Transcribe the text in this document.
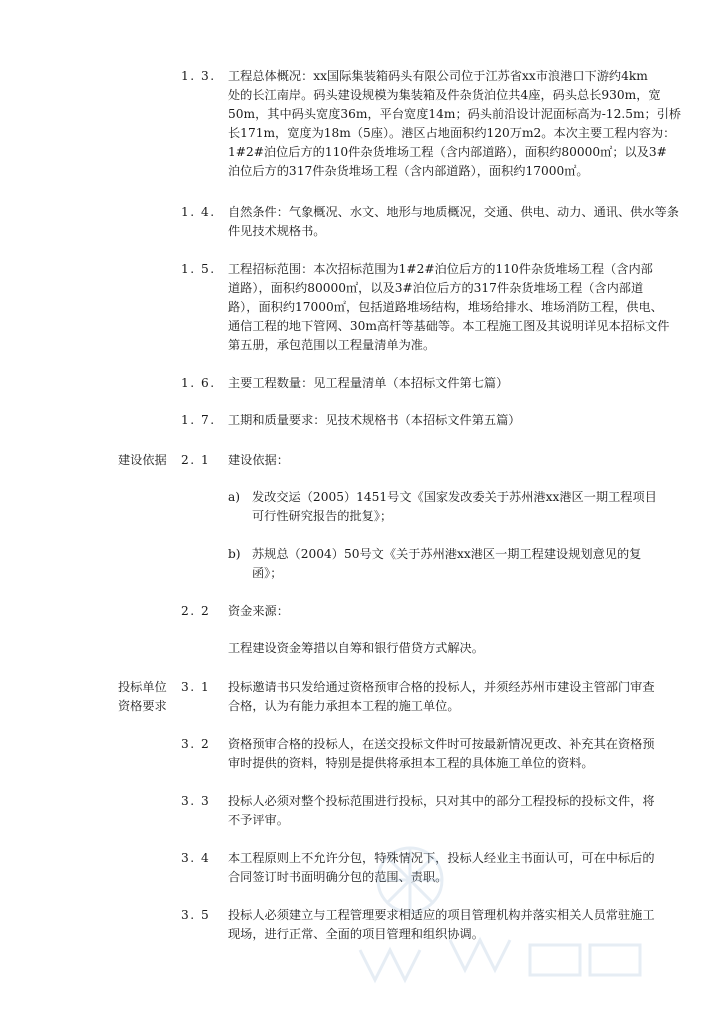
1. 3.	工程总体概况：xx国际集装箱码头有限公司位于江苏省xx市浪港口下游约4km
处的长江南岸。码头建设规模为集装箱及件杂货泊位共4座，码头总长930m，宽
50m，其中码头宽度36m，平台宽度14m；码头前沿设计泥面标高为-12.5m；引桥
长171m，宽度为18m（5座）。港区占地面积约120万m2。本次主要工程内容为：
1#2#泊位后方的110件杂货堆场工程（含内部道路），面积约80000㎡；以及3#
泊位后方的317件杂货堆场工程（含内部道路），面积约17000㎡。
1. 4.	自然条件：气象概况、水文、地形与地质概况，交通、供电、动力、通讯、供水等条
件见技术规格书。
1. 5.	工程招标范围：本次招标范围为1#2#泊位后方的110件杂货堆场工程（含内部
道路），面积约80000㎡，以及3#泊位后方的317件杂货堆场工程（含内部道
路），面积约17000㎡，包括道路堆场结构，堆场给排水、堆场消防工程，供电、
通信工程的地下管网、30m高杆等基础等。本工程施工图及其说明详见本招标文件
第五册，承包范围以工程量清单为准。
1. 6.	主要工程数量：见工程量清单（本招标文件第七篇）
1. 7.	工期和质量要求：见技术规格书（本招标文件第五篇）
建设依据	2. 1	建设依据：
a) 发改交运（2005）1451号文《国家发改委关于苏州港xx港区一期工程项目
可行性研究报告的批复》；
b) 苏规总（2004）50号文《关于苏州港xx港区一期工程建设规划意见的复
函》；
2. 2	资金来源：
工程建设资金筹措以自筹和银行借贷方式解决。
投标单位
资格要求
3. 1	投标邀请书只发给通过资格预审合格的投标人，并须经苏州市建设主管部门审查
合格，认为有能力承担本工程的施工单位。
3. 2	资格预审合格的投标人，在送交投标文件时可按最新情况更改、补充其在资格预
审时提供的资料，特别是提供将承担本工程的具体施工单位的资料。
3. 3	投标人必须对整个投标范围进行投标，只对其中的部分工程投标的投标文件，将
不予评审。
3. 4	本工程原则上不允许分包，特殊情况下，投标人经业主书面认可，可在中标后的
合同签订时书面明确分包的范围、责职。
3. 5	投标人必须建立与工程管理要求相适应的项目管理机构并落实相关人员常驻施工
现场，进行正常、全面的项目管理和组织协调。
